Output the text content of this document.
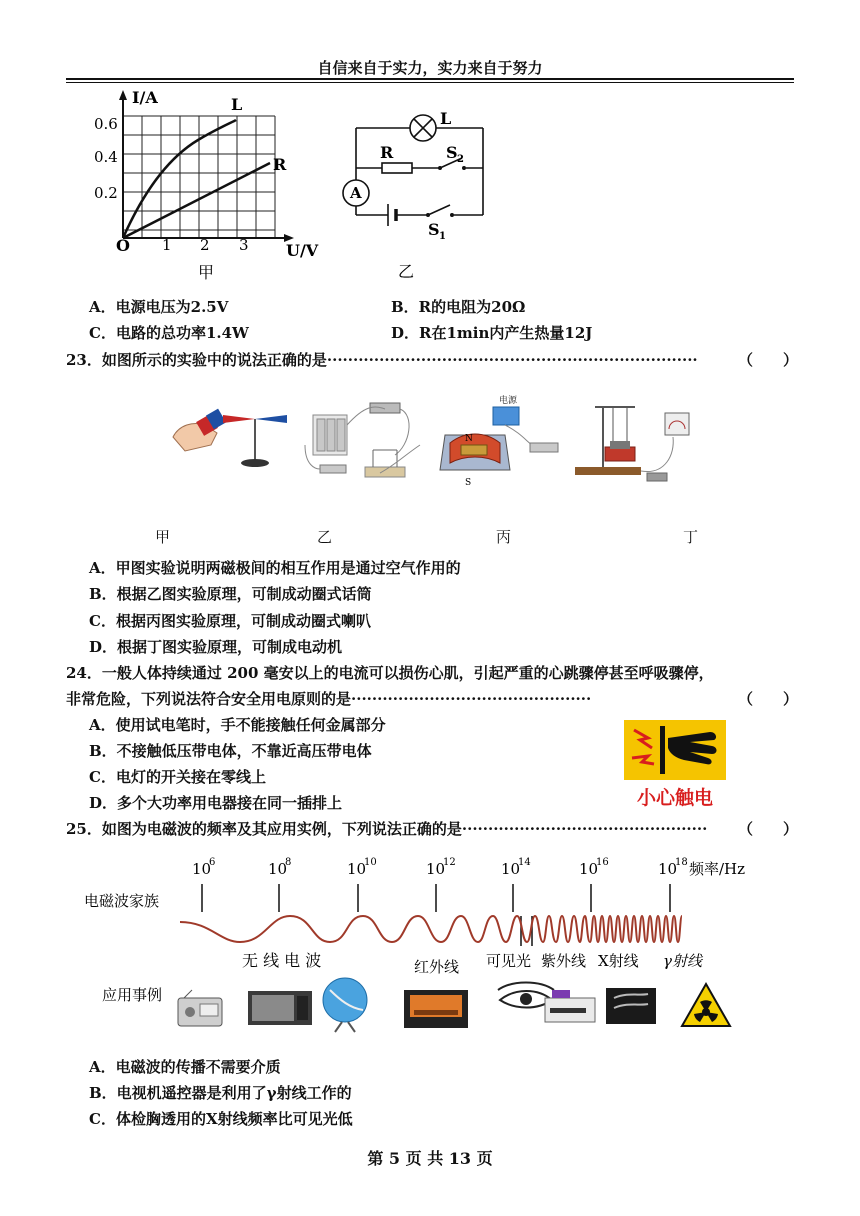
自信来自于实力，实力来自于努力
I/A
U/V
O
0.6
0.4
0.2
1 2 3
L
R
甲
L
R	S 2
A
S 1
乙
A．电源电压为2.5V	B．R的电阻为20Ω
C．电路的总功率1.4W	D．R在1min内产生热量12J
23．如图所示的实验中的说法正确的是·······································································	（　　）
电源
N
S
甲	乙	丙	丁
A．甲图实验说明两磁极间的相互作用是通过空气作用的
B．根据乙图实验原理，可制成动圈式话筒
C．根据丙图实验原理，可制成动圈式喇叭
D．根据丁图实验原理，可制成电动机
24．一般人体持续通过 200 毫安以上的电流可以损伤心肌，引起严重的心跳骤停甚至呼吸骤停，
非常危险，下列说法符合安全用电原则的是··············································	（　　）
A．使用试电笔时，手不能接触任何金属部分
B．不接触低压带电体，不靠近高压带电体
C．电灯的开关接在零线上
D．多个大功率用电器接在同一插排上	小心触电
25．如图为电磁波的频率及其应用实例，下列说法正确的是···············································	（　　）
10
6	10
8	10
10	10
12	10
14	10
16	10
18 频率/Hz
电磁波家族
无 线 电 波	红外线 可见光 紫外线 X射线 γ射线
应用事例
A．电磁波的传播不需要介质
B．电视机遥控器是利用了γ射线工作的
C．体检胸透用的X射线频率比可见光低
第 5 页 共 13 页
